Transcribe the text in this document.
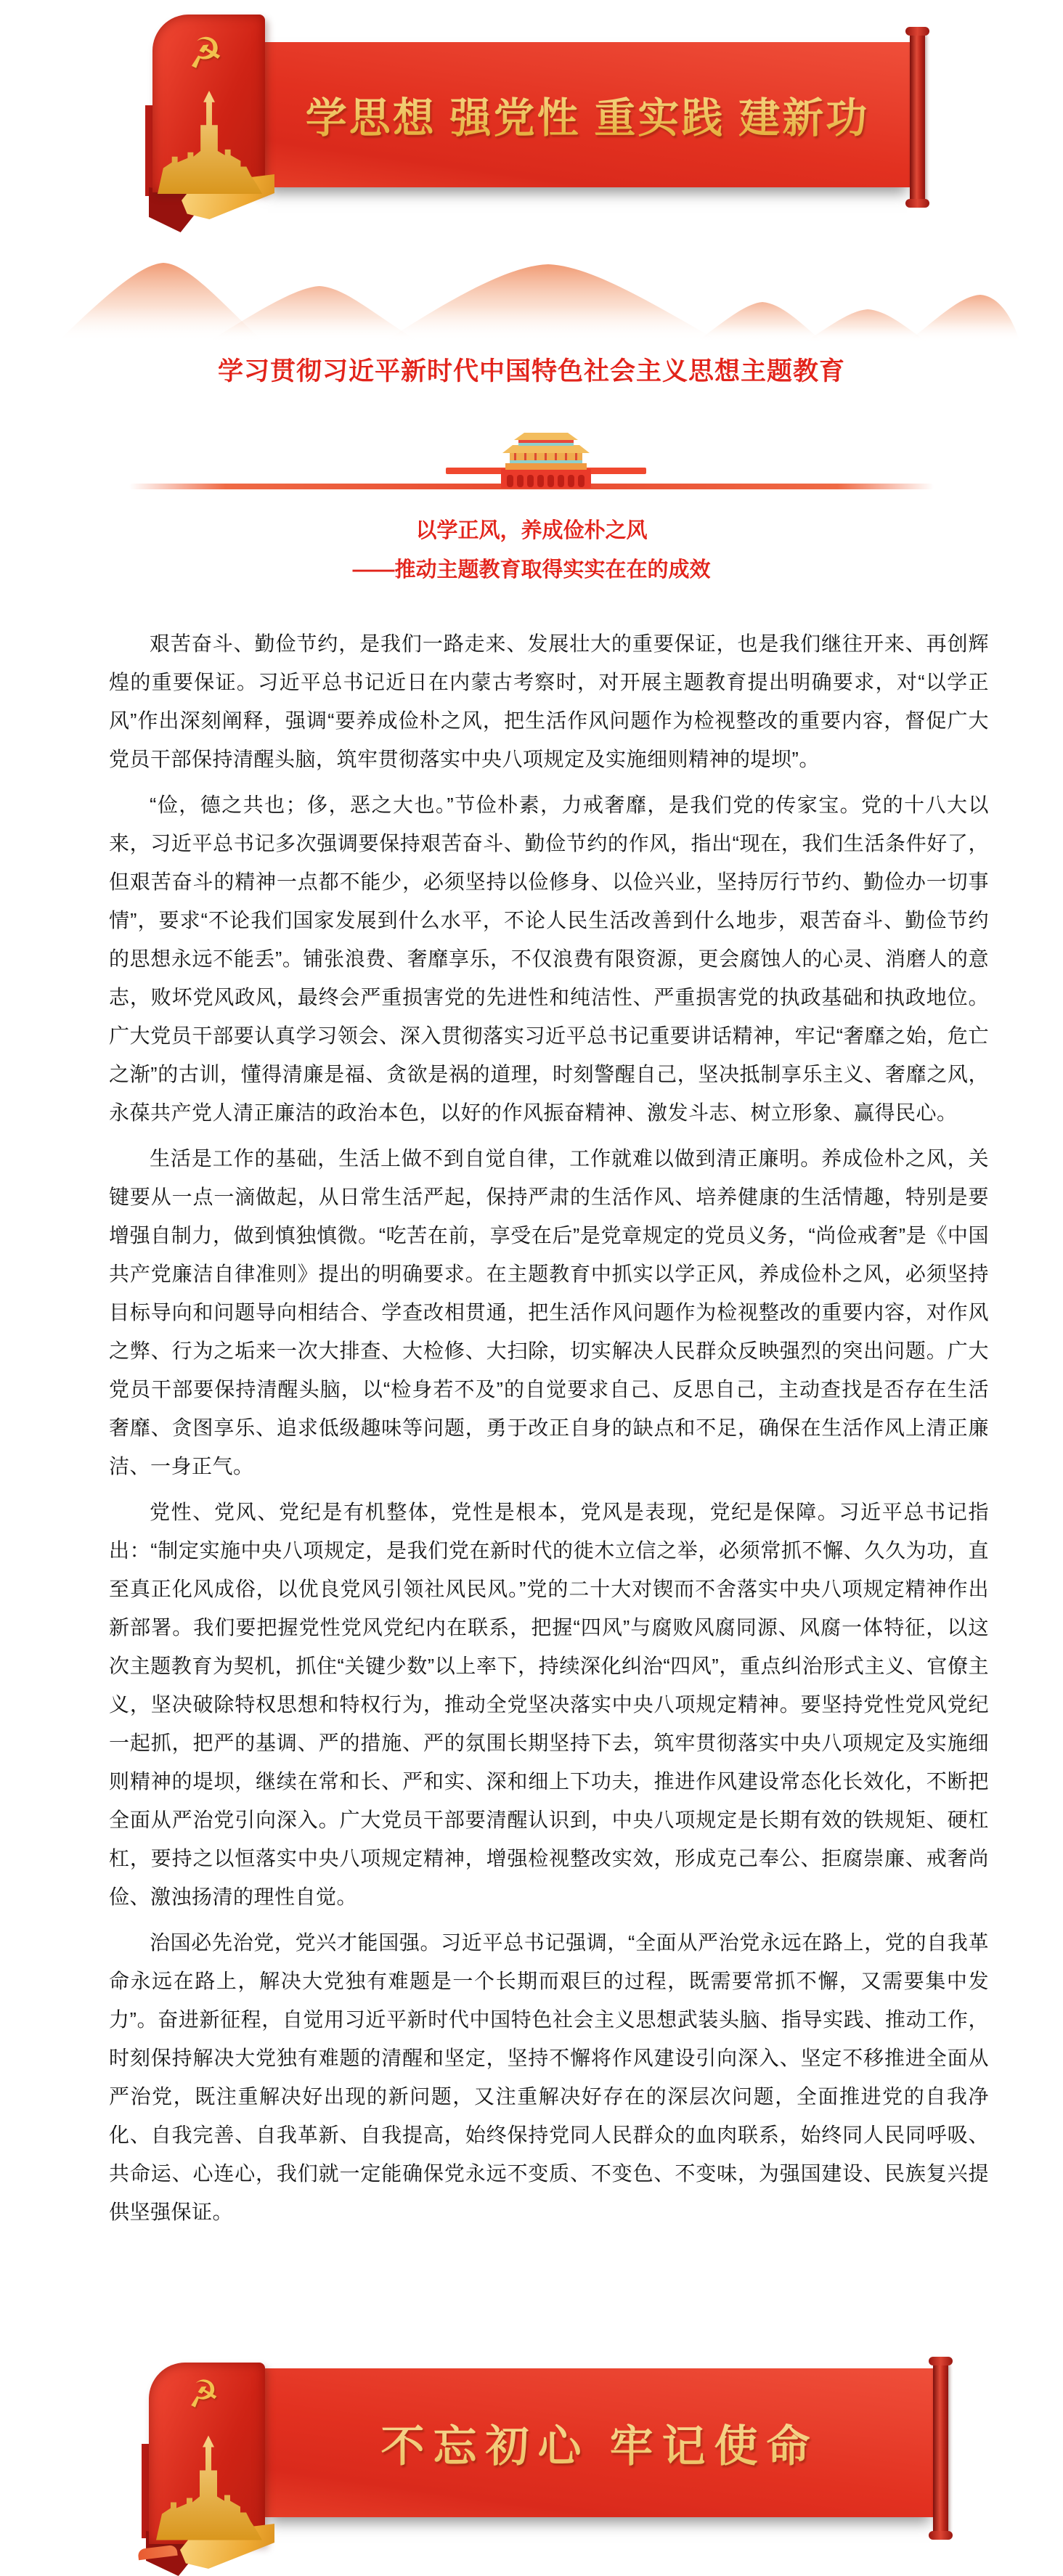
☭
学思想 强党性 重实践 建新功
学习贯彻习近平新时代中国特色社会主义思想主题教育
以学正风，养成俭朴之风
——推动主题教育取得实实在在的成效

艰苦奋斗、勤俭节约，是我们一路走来、发展壮大的重要保证，也是我们继往开来、再创辉煌的重要保证。习近平总书记近日在内蒙古考察时，对开展主题教育提出明确要求，对“以学正风”作出深刻阐释，强调“要养成俭朴之风，把生活作风问题作为检视整改的重要内容，督促广大党员干部保持清醒头脑，筑牢贯彻落实中央八项规定及实施细则精神的堤坝”。

“俭，德之共也；侈，恶之大也。”节俭朴素，力戒奢靡，是我们党的传家宝。党的十八大以来，习近平总书记多次强调要保持艰苦奋斗、勤俭节约的作风，指出“现在，我们生活条件好了，但艰苦奋斗的精神一点都不能少，必须坚持以俭修身、以俭兴业，坚持厉行节约、勤俭办一切事情”，要求“不论我们国家发展到什么水平，不论人民生活改善到什么地步，艰苦奋斗、勤俭节约的思想永远不能丢”。铺张浪费、奢靡享乐，不仅浪费有限资源，更会腐蚀人的心灵、消磨人的意志，败坏党风政风，最终会严重损害党的先进性和纯洁性、严重损害党的执政基础和执政地位。广大党员干部要认真学习领会、深入贯彻落实习近平总书记重要讲话精神，牢记“奢靡之始，危亡之渐”的古训，懂得清廉是福、贪欲是祸的道理，时刻警醒自己，坚决抵制享乐主义、奢靡之风，永葆共产党人清正廉洁的政治本色，以好的作风振奋精神、激发斗志、树立形象、赢得民心。

生活是工作的基础，生活上做不到自觉自律，工作就难以做到清正廉明。养成俭朴之风，关键要从一点一滴做起，从日常生活严起，保持严肃的生活作风、培养健康的生活情趣，特别是要增强自制力，做到慎独慎微。“吃苦在前，享受在后”是党章规定的党员义务，“尚俭戒奢”是《中国共产党廉洁自律准则》提出的明确要求。在主题教育中抓实以学正风，养成俭朴之风，必须坚持目标导向和问题导向相结合、学查改相贯通，把生活作风问题作为检视整改的重要内容，对作风之弊、行为之垢来一次大排查、大检修、大扫除，切实解决人民群众反映强烈的突出问题。广大党员干部要保持清醒头脑，以“检身若不及”的自觉要求自己、反思自己，主动查找是否存在生活奢靡、贪图享乐、追求低级趣味等问题，勇于改正自身的缺点和不足，确保在生活作风上清正廉洁、一身正气。

党性、党风、党纪是有机整体，党性是根本，党风是表现，党纪是保障。习近平总书记指出：“制定实施中央八项规定，是我们党在新时代的徙木立信之举，必须常抓不懈、久久为功，直至真正化风成俗，以优良党风引领社风民风。”党的二十大对锲而不舍落实中央八项规定精神作出新部署。我们要把握党性党风党纪内在联系，把握“四风”与腐败风腐同源、风腐一体特征，以这次主题教育为契机，抓住“关键少数”以上率下，持续深化纠治“四风”，重点纠治形式主义、官僚主义，坚决破除特权思想和特权行为，推动全党坚决落实中央八项规定精神。要坚持党性党风党纪一起抓，把严的基调、严的措施、严的氛围长期坚持下去，筑牢贯彻落实中央八项规定及实施细则精神的堤坝，继续在常和长、严和实、深和细上下功夫，推进作风建设常态化长效化，不断把全面从严治党引向深入。广大党员干部要清醒认识到，中央八项规定是长期有效的铁规矩、硬杠杠，要持之以恒落实中央八项规定精神，增强检视整改实效，形成克己奉公、拒腐崇廉、戒奢尚俭、激浊扬清的理性自觉。

治国必先治党，党兴才能国强。习近平总书记强调，“全面从严治党永远在路上，党的自我革命永远在路上，解决大党独有难题是一个长期而艰巨的过程，既需要常抓不懈，又需要集中发力”。奋进新征程，自觉用习近平新时代中国特色社会主义思想武装头脑、指导实践、推动工作，时刻保持解决大党独有难题的清醒和坚定，坚持不懈将作风建设引向深入、坚定不移推进全面从严治党，既注重解决好出现的新问题，又注重解决好存在的深层次问题，全面推进党的自我净化、自我完善、自我革新、自我提高，始终保持党同人民群众的血肉联系，始终同人民同呼吸、共命运、心连心，我们就一定能确保党永远不变质、不变色、不变味，为强国建设、民族复兴提供坚强保证。

☭
不忘初心 牢记使命
